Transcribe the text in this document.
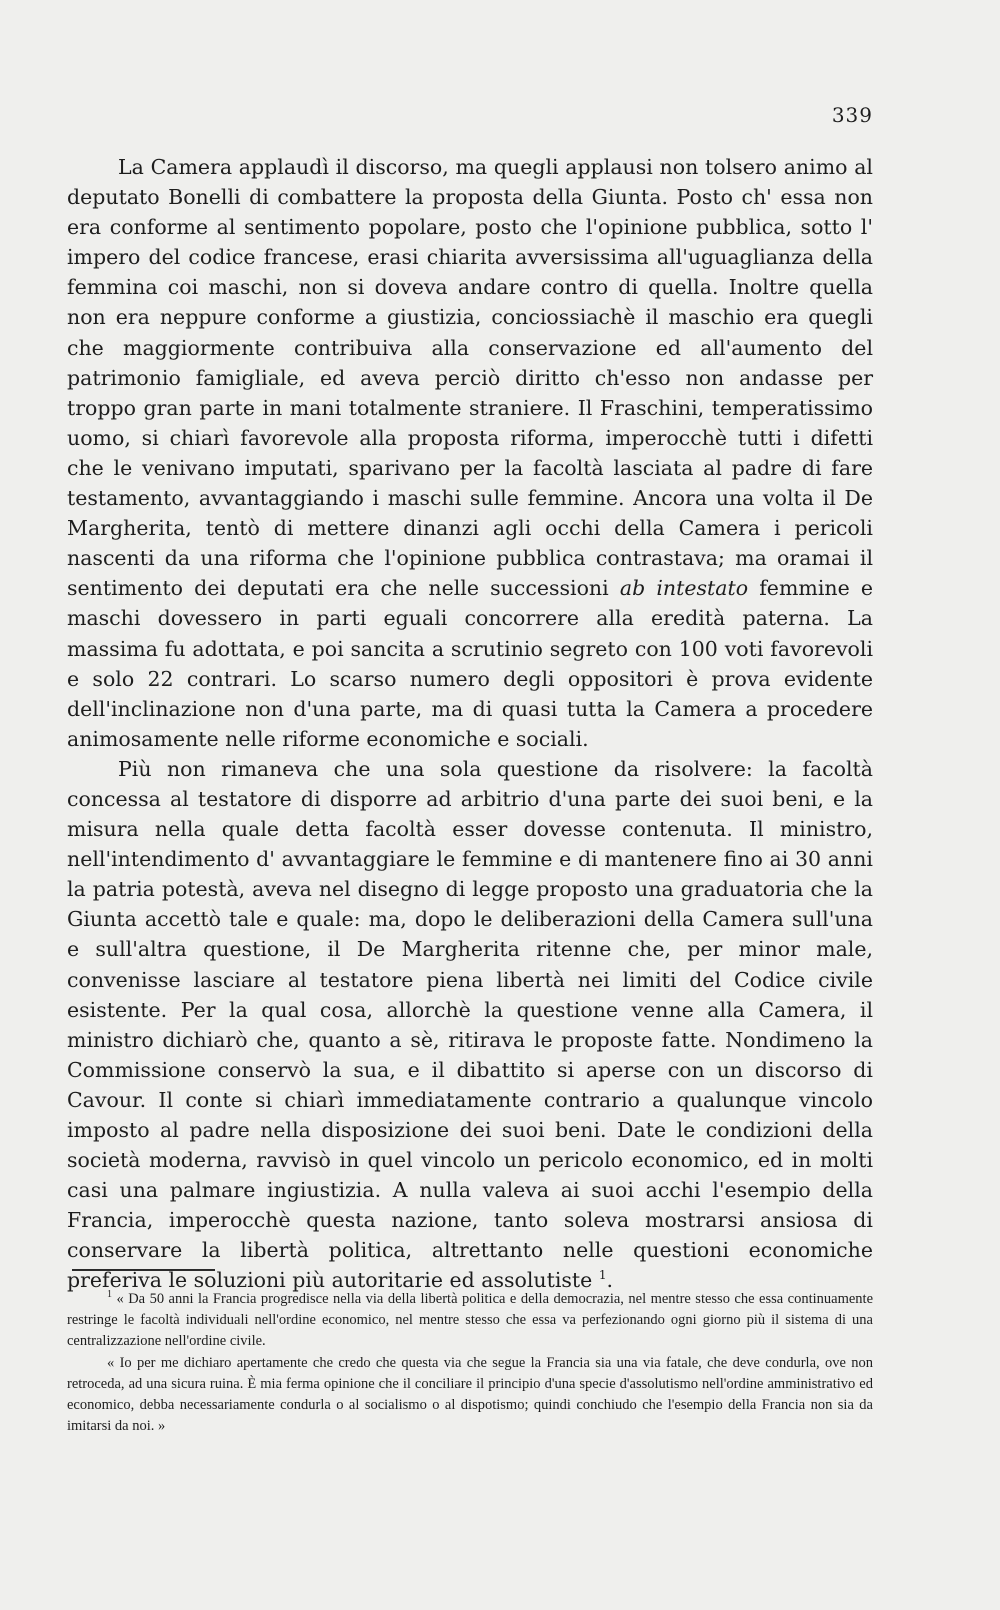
339

La Camera applaudì il discorso, ma quegli applausi non tolsero animo al deputato Bonelli di combattere la proposta della Giunta. Posto ch' essa non era conforme al sentimento popolare, posto che l'opinione pubblica, sotto l' impero del codice francese, erasi chiarita avversissima all'uguaglianza della femmina coi maschi, non si doveva andare contro di quella. Inoltre quella non era neppure conforme a giustizia, conciossiachè il maschio era quegli che maggiormente contribuiva alla conservazione ed all'aumento del patrimonio famigliale, ed aveva perciò diritto ch'esso non andasse per troppo gran parte in mani totalmente straniere. Il Fraschini, temperatissimo uomo, si chiarì favorevole alla proposta riforma, imperocchè tutti i difetti che le venivano imputati, sparivano per la facoltà lasciata al padre di fare testamento, avvantaggiando i maschi sulle femmine. Ancora una volta il De Margherita, tentò di mettere dinanzi agli occhi della Camera i pericoli nascenti da una riforma che l'opinione pubblica contrastava; ma oramai il sentimento dei deputati era che nelle successioni ab intestato femmine e maschi dovessero in parti eguali concorrere alla eredità paterna. La massima fu adottata, e poi sancita a scrutinio segreto con 100 voti favorevoli e solo 22 contrari. Lo scarso numero degli oppositori è prova evidente dell'inclinazione non d'una parte, ma di quasi tutta la Camera a procedere animosamente nelle riforme economiche e sociali.

Più non rimaneva che una sola questione da risolvere: la facoltà concessa al testatore di disporre ad arbitrio d'una parte dei suoi beni, e la misura nella quale detta facoltà esser dovesse contenuta. Il ministro, nell'intendimento d' avvantaggiare le femmine e di mantenere fino ai 30 anni la patria potestà, aveva nel disegno di legge proposto una graduatoria che la Giunta accettò tale e quale: ma, dopo le deliberazioni della Camera sull'una e sull'altra questione, il De Margherita ritenne che, per minor male, convenisse lasciare al testatore piena libertà nei limiti del Codice civile esistente. Per la qual cosa, allorchè la questione venne alla Camera, il ministro dichiarò che, quanto a sè, ritirava le proposte fatte. Nondimeno la Commissione conservò la sua, e il dibattito si aperse con un discorso di Cavour. Il conte si chiarì immediatamente contrario a qualunque vincolo imposto al padre nella disposizione dei suoi beni. Date le condizioni della società moderna, ravvisò in quel vincolo un pericolo economico, ed in molti casi una palmare ingiustizia. A nulla valeva ai suoi acchi l'esempio della Francia, imperocchè questa nazione, tanto soleva mostrarsi ansiosa di conservare la libertà politica, altrettanto nelle questioni economiche preferiva le soluzioni più autoritarie ed assolutiste $^1$.

$^1$ « Da 50 anni la Francia progredisce nella via della libertà politica e della democrazia, nel mentre stesso che essa continuamente restringe le facoltà individuali nell'ordine economico, nel mentre stesso che essa va perfezionando ogni giorno più il sistema di una centralizzazione nell'ordine civile.

« Io per me dichiaro apertamente che credo che questa via che segue la Francia sia una via fatale, che deve condurla, ove non retroceda, ad una sicura ruina. È mia ferma opinione che il conciliare il principio d'una specie d'assolutismo nell'ordine amministrativo ed economico, debba necessariamente condurla o al socialismo o al dispotismo; quindi conchiudo che l'esempio della Francia non sia da imitarsi da noi. »
